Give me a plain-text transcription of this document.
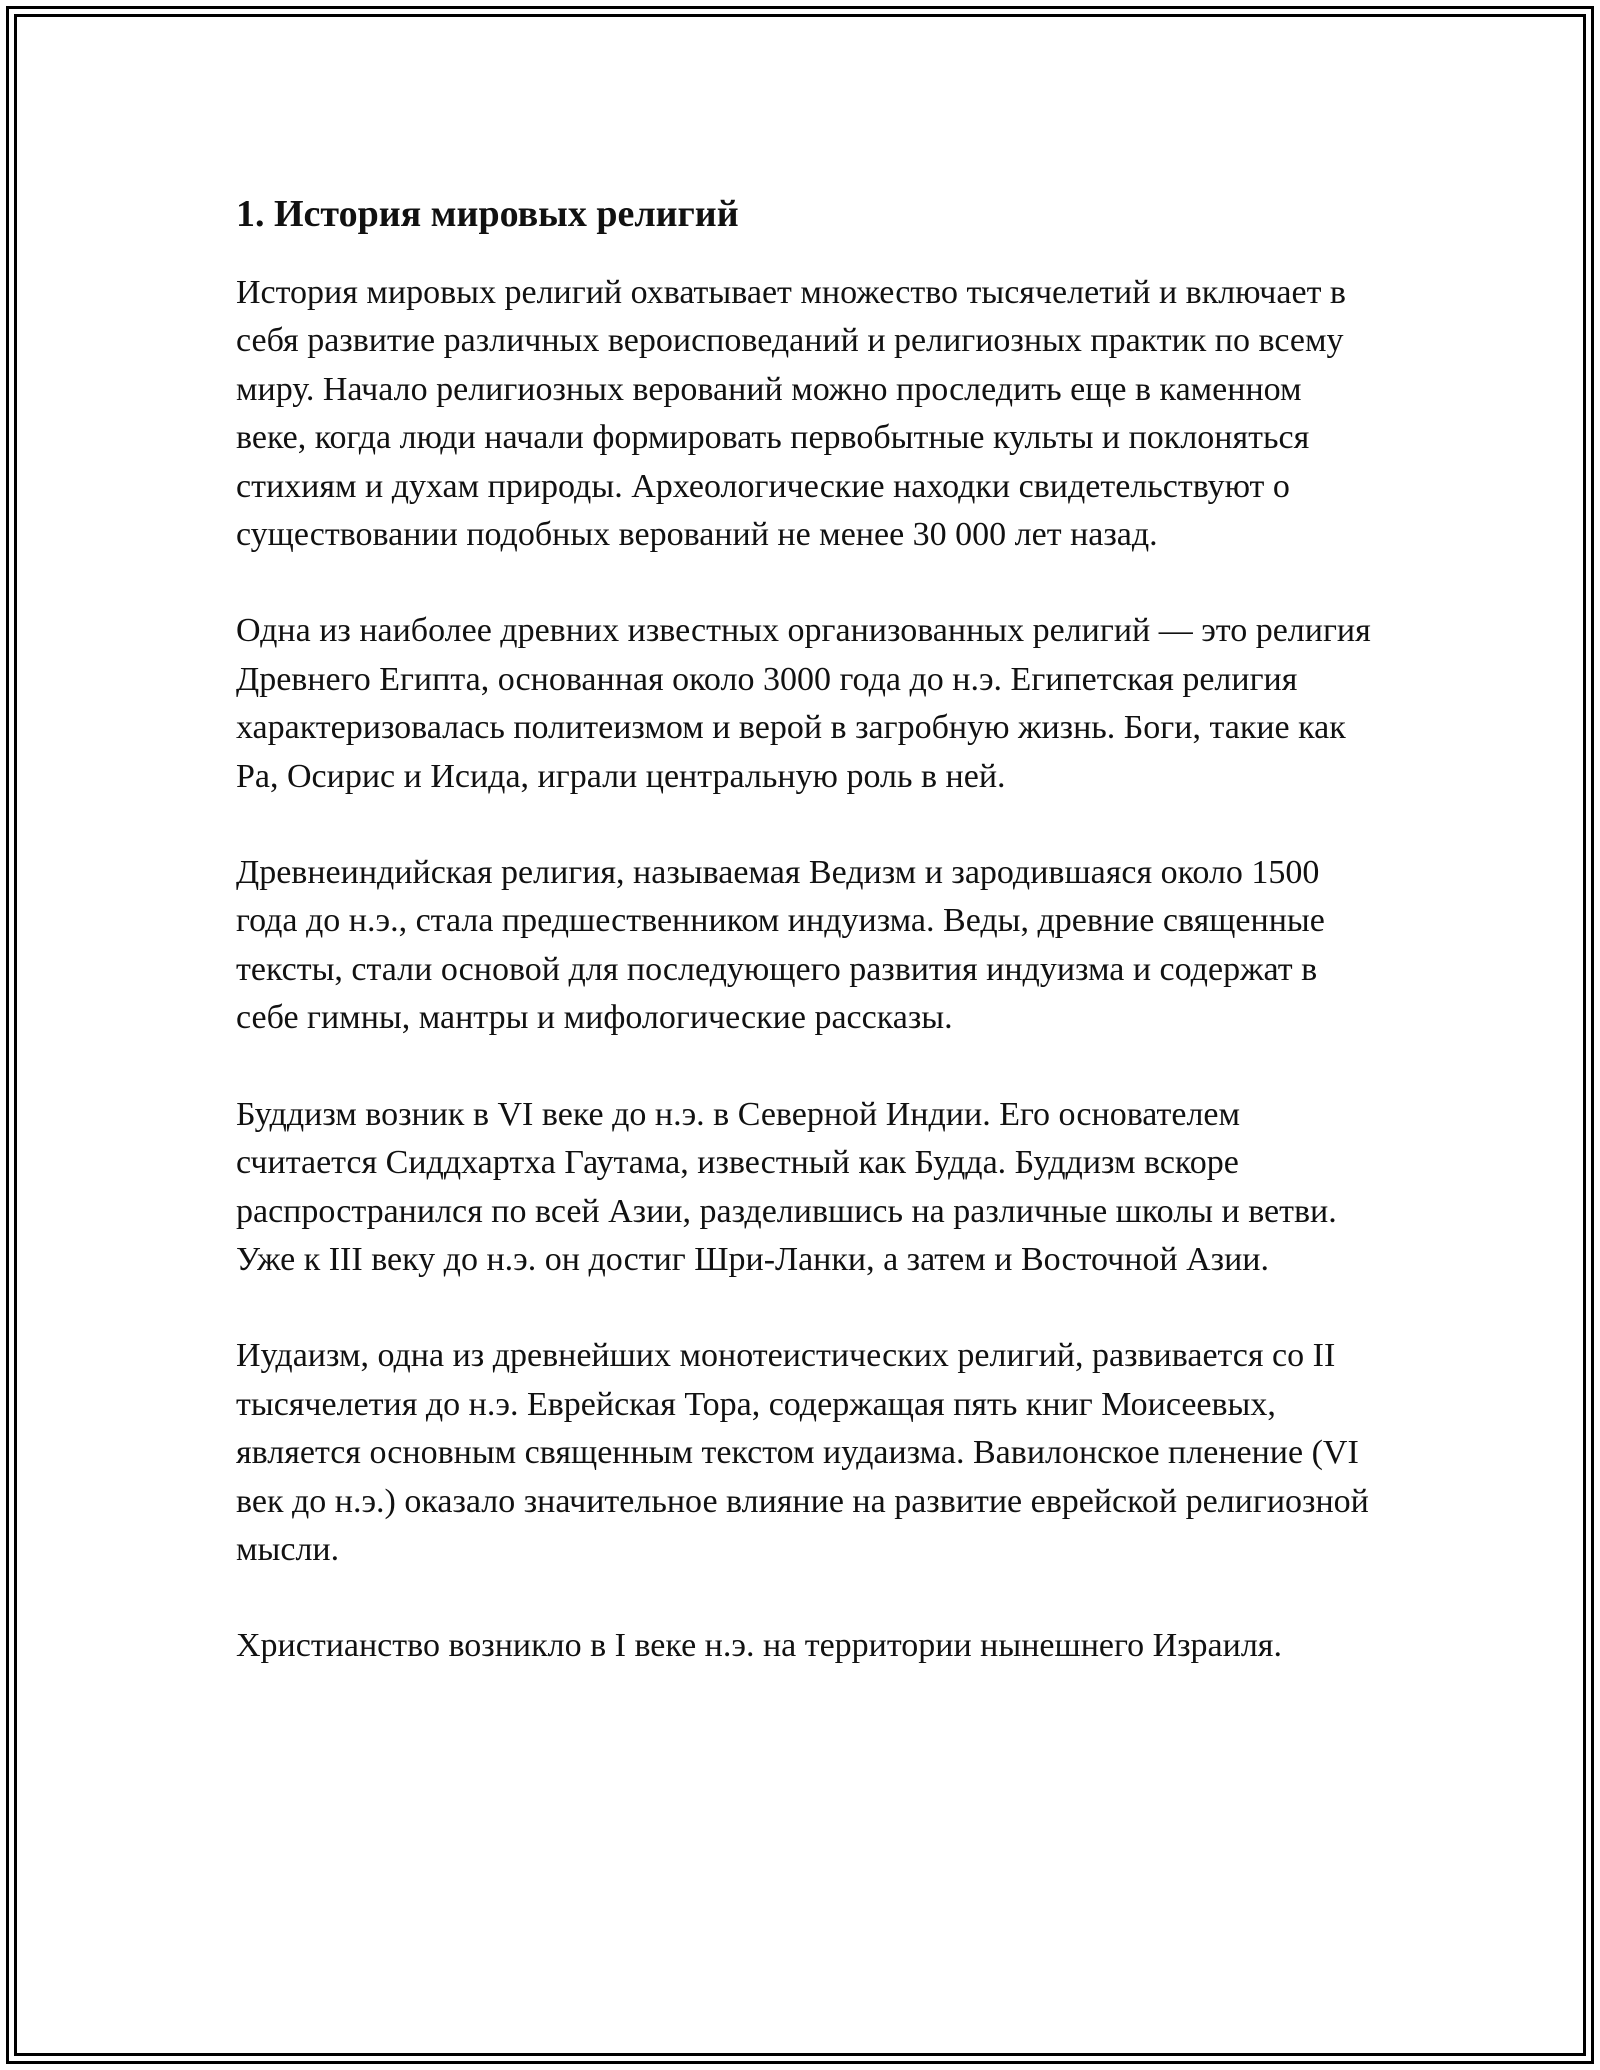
1. История мировых религий

История мировых религий охватывает множество тысячелетий и включает в себя развитие различных вероисповеданий и религиозных практик по всему миру. Начало религиозных верований можно проследить еще в каменном веке, когда люди начали формировать первобытные культы и поклоняться стихиям и духам природы. Археологические находки свидетельствуют о существовании подобных верований не менее 30 000 лет назад.

Одна из наиболее древних известных организованных религий — это религия Древнего Египта, основанная около 3000 года до н.э. Египетская религия характеризовалась политеизмом и верой в загробную жизнь. Боги, такие как Ра, Осирис и Исида, играли центральную роль в ней.

Древнеиндийская религия, называемая Ведизм и зародившаяся около 1500 года до н.э., стала предшественником индуизма. Веды, древние священные тексты, стали основой для последующего развития индуизма и содержат в себе гимны, мантры и мифологические рассказы.

Буддизм возник в VI веке до н.э. в Северной Индии. Его основателем считается Сиддхартха Гаутама, известный как Будда. Буддизм вскоре распространился по всей Азии, разделившись на различные школы и ветви. Уже к III веку до н.э. он достиг Шри-Ланки, а затем и Восточной Азии.

Иудаизм, одна из древнейших монотеистических религий, развивается со II тысячелетия до н.э. Еврейская Тора, содержащая пять книг Моисеевых, является основным священным текстом иудаизма. Вавилонское пленение (VI век до н.э.) оказало значительное влияние на развитие еврейской религиозной мысли.

Христианство возникло в I веке н.э. на территории нынешнего Израиля.
